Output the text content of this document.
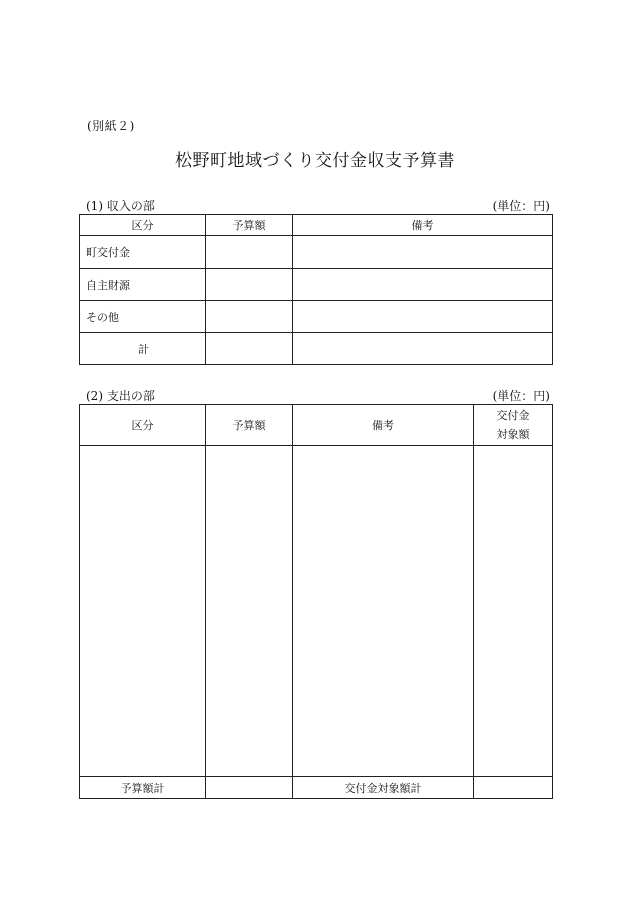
(別紙２)
松野町地域づくり交付金収支予算書
(1) 収入の部	(単位：円)
区分	予算額	備考
町交付金		
自主財源		
その他		
計		
(2) 支出の部	(単位：円)
区分	予算額	備考	交付金
対象額

予算額計		交付金対象額計	
